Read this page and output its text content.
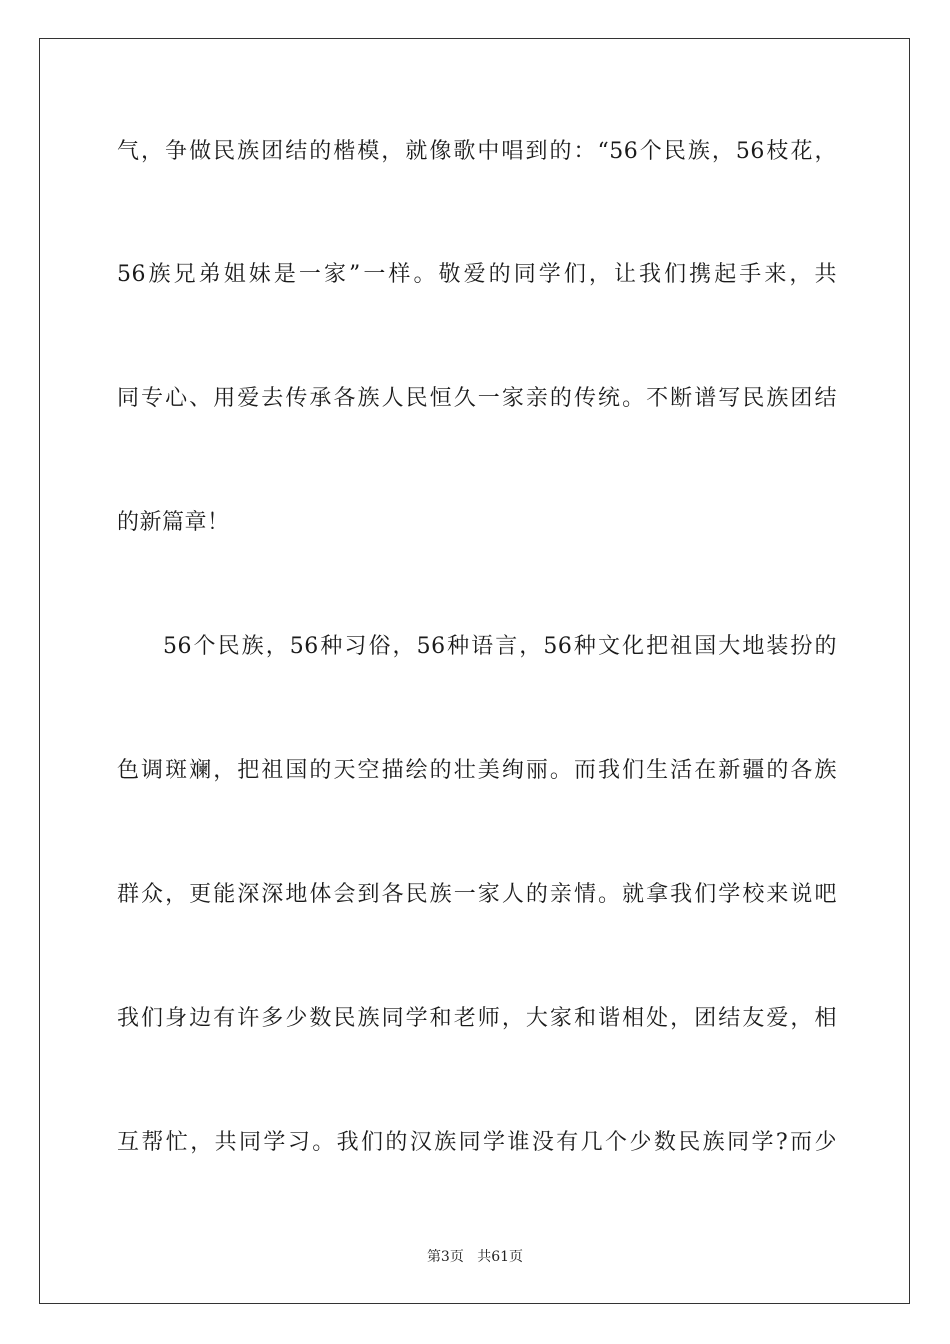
气，争做民族团结的楷模，就像歌中唱到的：“56个民族，56枝花，
56族兄弟姐妹是一家”一样。敬爱的同学们，让我们携起手来，共
同专心、用爱去传承各族人民恒久一家亲的传统。不断谱写民族团结
的新篇章！
56个民族，56种习俗，56种语言，56种文化把祖国大地装扮的
色调斑斓，把祖国的天空描绘的壮美绚丽。而我们生活在新疆的各族
群众，更能深深地体会到各民族一家人的亲情。就拿我们学校来说吧
我们身边有许多少数民族同学和老师，大家和谐相处，团结友爱，相
互帮忙，共同学习。我们的汉族同学谁没有几个少数民族同学?而少
第3页 共61页
